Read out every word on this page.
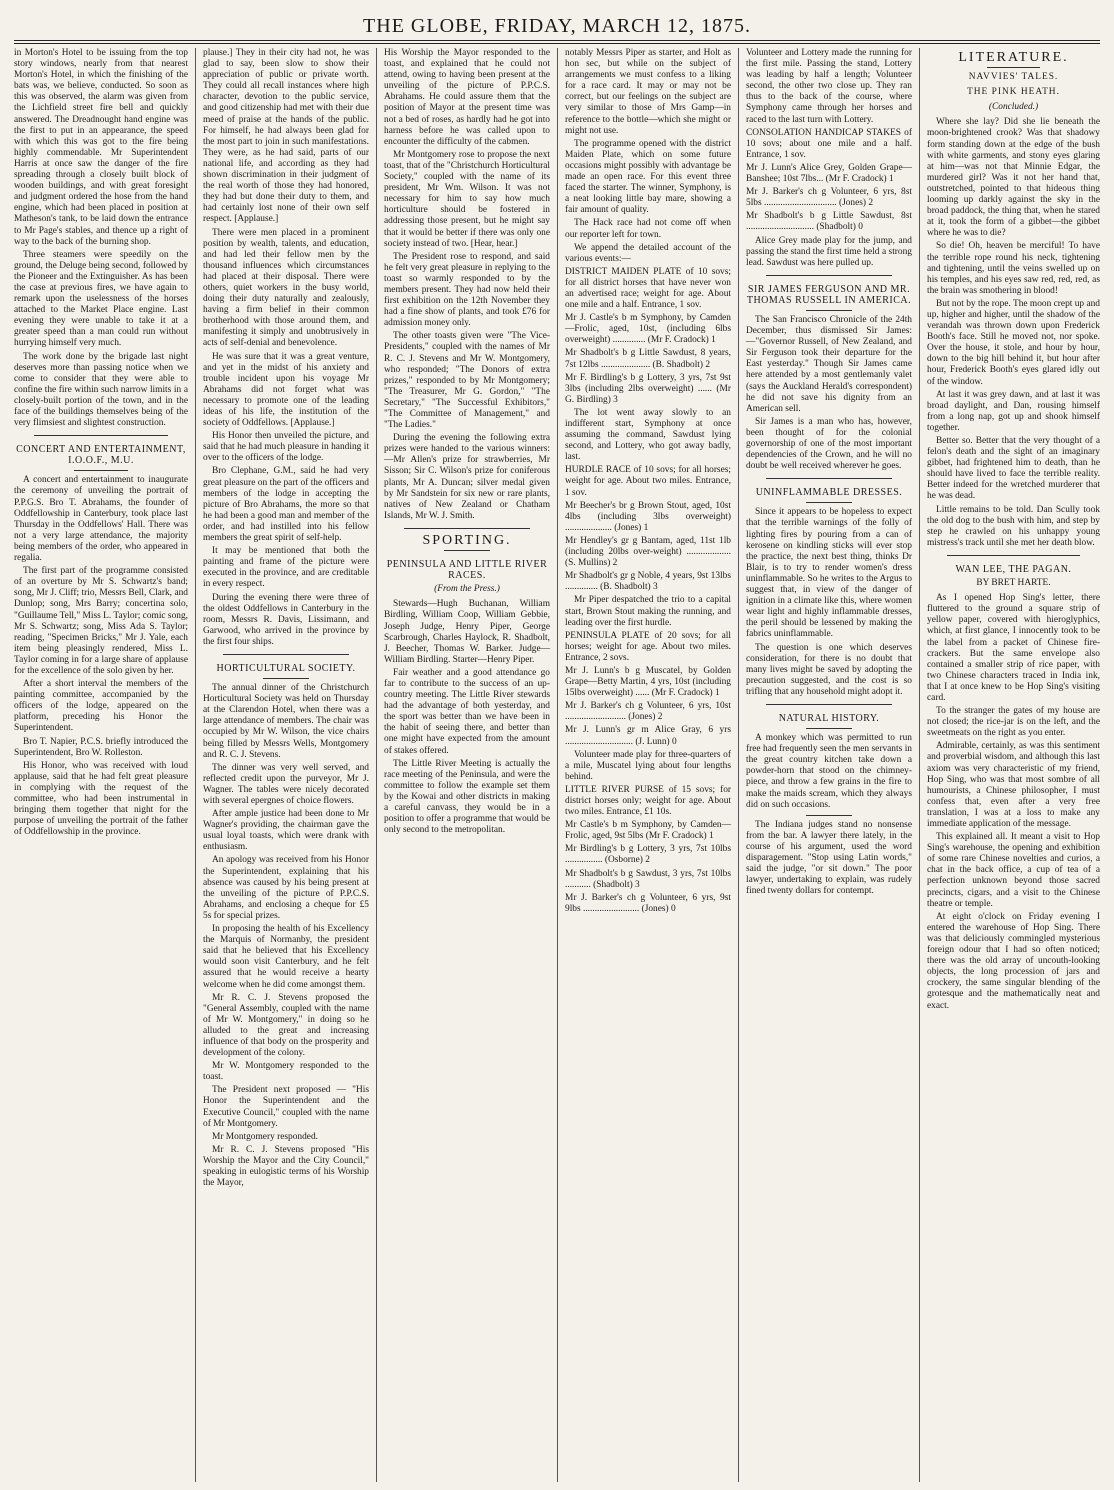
THE GLOBE, FRIDAY, MARCH 12, 1875.

in Morton's Hotel to be issuing from the top story windows, nearly from that nearest Morton's Hotel, in which the finishing of the bats was, we believe, conducted. So soon as this was observed, the alarm was given from the Lichfield street fire bell and quickly answered. The Dreadnought hand engine was the first to put in an appearance, the speed with which this was got to the fire being highly commendable. Mr Superintendent Harris at once saw the danger of the fire spreading through a closely built block of wooden buildings, and with great foresight and judgment ordered the hose from the hand engine, which had been placed in position at Matheson's tank, to be laid down the entrance to Mr Page's stables, and thence up a right of way to the back of the burning shop.

Three steamers were speedily on the ground, the Deluge being second, followed by the Pioneer and the Extinguisher. As has been the case at previous fires, we have again to remark upon the uselessness of the horses attached to the Market Place engine. Last evening they were unable to take it at a greater speed than a man could run without hurrying himself very much.

The work done by the brigade last night deserves more than passing notice when we come to consider that they were able to confine the fire within such narrow limits in a closely-built portion of the town, and in the face of the buildings themselves being of the very flimsiest and slightest construction.

CONCERT AND ENTERTAINMENT, I.O.O.F., M.U.

A concert and entertainment to inaugurate the ceremony of unveiling the portrait of P.P.G.S. Bro T. Abrahams, the founder of Oddfellowship in Canterbury, took place last Thursday in the Oddfellows' Hall. There was not a very large attendance, the majority being members of the order, who appeared in regalia.

The first part of the programme consisted of an overture by Mr S. Schwartz's band; song, Mr J. Cliff; trio, Messrs Bell, Clark, and Dunlop; song, Mrs Barry; concertina solo, "Guillaume Tell," Miss L. Taylor; comic song, Mr S. Schwartz; song, Miss Ada S. Taylor; reading, "Specimen Bricks," Mr J. Yale, each item being pleasingly rendered, Miss L. Taylor coming in for a large share of applause for the excellence of the solo given by her.

After a short interval the members of the painting committee, accompanied by the officers of the lodge, appeared on the platform, preceding his Honor the Superintendent.

Bro T. Napier, P.C.S. briefly introduced the Superintendent, Bro W. Rolleston.

His Honor, who was received with loud applause, said that he had felt great pleasure in complying with the request of the committee, who had been instrumental in bringing them together that night for the purpose of unveiling the portrait of the father of Oddfellowship in the province.

plause.] They in their city had not, he was glad to say, been slow to show their appreciation of public or private worth. They could all recall instances where high character, devotion to the public service, and good citizenship had met with their due meed of praise at the hands of the public. For himself, he had always been glad for the most part to join in such manifestations. They were, as he had said, parts of our national life, and according as they had shown discrimination in their judgment of the real worth of those they had honored, they had but done their duty to them, and had certainly lost none of their own self respect. [Applause.]

There were men placed in a prominent position by wealth, talents, and education, and had led their fellow men by the thousand influences which circumstances had placed at their disposal. There were others, quiet workers in the busy world, doing their duty naturally and zealously, having a firm belief in their common brotherhood with those around them, and manifesting it simply and unobtrusively in acts of self-denial and benevolence.

He was sure that it was a great venture, and yet in the midst of his anxiety and trouble incident upon his voyage Mr Abrahams did not forget what was necessary to promote one of the leading ideas of his life, the institution of the society of Oddfellows. [Applause.]

His Honor then unveiled the picture, and said that he had much pleasure in handing it over to the officers of the lodge.

Bro Clephane, G.M., said he had very great pleasure on the part of the officers and members of the lodge in accepting the picture of Bro Abrahams, the more so that he had been a good man and member of the order, and had instilled into his fellow members the great spirit of self-help.

It may be mentioned that both the painting and frame of the picture were executed in the province, and are creditable in every respect.

During the evening there were three of the oldest Oddfellows in Canterbury in the room, Messrs R. Davis, Lissimann, and Garwood, who arrived in the province by the first four ships.

HORTICULTURAL SOCIETY.

The annual dinner of the Christchurch Horticultural Society was held on Thursday at the Clarendon Hotel, when there was a large attendance of members. The chair was occupied by Mr W. Wilson, the vice chairs being filled by Messrs Wells, Montgomery and R. C. J. Stevens.

The dinner was very well served, and reflected credit upon the purveyor, Mr J. Wagner. The tables were nicely decorated with several epergnes of choice flowers.

After ample justice had been done to Mr Wagner's providing, the chairman gave the usual loyal toasts, which were drank with enthusiasm.

An apology was received from his Honor the Superintendent, explaining that his absence was caused by his being present at the unveiling of the picture of P.P.C.S. Abrahams, and enclosing a cheque for £5 5s for special prizes.

In proposing the health of his Excellency the Marquis of Normanby, the president said that he believed that his Excellency would soon visit Canterbury, and he felt assured that he would receive a hearty welcome when he did come amongst them.

Mr R. C. J. Stevens proposed the "General Assembly, coupled with the name of Mr W. Montgomery," in doing so he alluded to the great and increasing influence of that body on the prosperity and development of the colony.

Mr W. Montgomery responded to the toast.

The President next proposed — "His Honor the Superintendent and the Executive Council," coupled with the name of Mr Montgomery.

Mr Montgomery responded.

Mr R. C. J. Stevens proposed "His Worship the Mayor and the City Council," speaking in eulogistic terms of his Worship the Mayor,

His Worship the Mayor responded to the toast, and explained that he could not attend, owing to having been present at the unveiling of the picture of P.P.C.S. Abrahams. He could assure them that the position of Mayor at the present time was not a bed of roses, as hardly had he got into harness before he was called upon to encounter the difficulty of the cabmen.

Mr Montgomery rose to propose the next toast, that of the "Christchurch Horticultural Society," coupled with the name of its president, Mr Wm. Wilson. It was not necessary for him to say how much horticulture should be fostered in addressing those present, but he might say that it would be better if there was only one society instead of two. [Hear, hear.]

The President rose to respond, and said he felt very great pleasure in replying to the toast so warmly responded to by the members present. They had now held their first exhibition on the 12th November they had a fine show of plants, and took £76 for admission money only.

The other toasts given were "The Vice-Presidents," coupled with the names of Mr R. C. J. Stevens and Mr W. Montgomery, who responded; "The Donors of extra prizes," responded to by Mr Montgomery; "The Treasurer, Mr G. Gordon," "The Secretary," "The Successful Exhibitors," "The Committee of Management," and "The Ladies."

During the evening the following extra prizes were handed to the various winners:—Mr Allen's prize for strawberries, Mr Sisson; Sir C. Wilson's prize for coniferous plants, Mr A. Duncan; silver medal given by Mr Sandstein for six new or rare plants, natives of New Zealand or Chatham Islands, Mr W. J. Smith.

SPORTING.
PENINSULA AND LITTLE RIVER RACES.
(From the Press.)

Stewards—Hugh Buchanan, William Birdling, William Coop, William Gebbie, Joseph Judge, Henry Piper, George Scarbrough, Charles Haylock, R. Shadbolt, J. Beecher, Thomas W. Barker. Judge—William Birdling. Starter—Henry Piper.

Fair weather and a good attendance go far to contribute to the success of an up-country meeting. The Little River stewards had the advantage of both yesterday, and the sport was better than we have been in the habit of seeing there, and better than one might have expected from the amount of stakes offered.

The Little River Meeting is actually the race meeting of the Peninsula, and were the committee to follow the example set them by the Kowai and other districts in making a careful canvass, they would be in a position to offer a programme that would be only second to the metropolitan.

notably Messrs Piper as starter, and Holt as hon sec, but while on the subject of arrangements we must confess to a liking for a race card. It may or may not be correct, but our feelings on the subject are very similar to those of Mrs Gamp—in reference to the bottle—which she might or might not use.

The programme opened with the district Maiden Plate, which on some future occasions might possibly with advantage be made an open race. For this event three faced the starter. The winner, Symphony, is a neat looking little bay mare, showing a fair amount of quality.

The Hack race had not come off when our reporter left for town.

We append the detailed account of the various events:—

DISTRICT MAIDEN PLATE of 10 sovs; for all district horses that have never won an advertised race; weight for age. About one mile and a half. Entrance, 1 sov.

Mr J. Castle's b m Symphony, by Camden—Frolic, aged, 10st, (including 6lbs overweight) .............. (Mr F. Cradock) 1

Mr Shadbolt's b g Little Sawdust, 8 years, 7st 12lbs ..................... (B. Shadbolt) 2

Mr F. Birdling's b g Lottery, 3 yrs, 7st 9st 3lbs (including 2lbs overweight) ...... (Mr G. Birdling) 3

The lot went away slowly to an indifferent start, Symphony at once assuming the command, Sawdust lying second, and Lottery, who got away badly, last.

HURDLE RACE of 10 sovs; for all horses; weight for age. About two miles. Entrance, 1 sov.

Mr Beecher's br g Brown Stout, aged, 10st 4lbs (including 3lbs overweight) .................... (Jones) 1

Mr Hendley's gr g Bantam, aged, 11st 1lb (including 20lbs over-weight) ................... (S. Mullins) 2

Mr Shadbolt's gr g Noble, 4 years, 9st 13lbs .............. (B. Shadbolt) 3

Mr Piper despatched the trio to a capital start, Brown Stout making the running, and leading over the first hurdle.

PENINSULA PLATE of 20 sovs; for all horses; weight for age. About two miles. Entrance, 2 sovs.

Mr J. Lunn's b g Muscatel, by Golden Grape—Betty Martin, 4 yrs, 10st (including 15lbs overweight) ...... (Mr F. Cradock) 1

Mr J. Barker's ch g Volunteer, 6 yrs, 10st .......................... (Jones) 2

Mr J. Lunn's gr m Alice Gray, 6 yrs ............................. (J. Lunn) 0

Volunteer made play for three-quarters of a mile, Muscatel lying about four lengths behind.

LITTLE RIVER PURSE of 15 sovs; for district horses only; weight for age. About two miles. Entrance, £1 10s.

Mr Castle's b m Symphony, by Camden—Frolic, aged, 9st 5lbs (Mr F. Cradock) 1

Mr Birdling's b g Lottery, 3 yrs, 7st 10lbs ................ (Osborne) 2

Mr Shadbolt's b g Sawdust, 3 yrs, 7st 10lbs ........... (Shadbolt) 3

Mr J. Barker's ch g Volunteer, 6 yrs, 9st 9lbs ........................ (Jones) 0

Volunteer and Lottery made the running for the first mile. Passing the stand, Lottery was leading by half a length; Volunteer second, the other two close up. They ran thus to the back of the course, where Symphony came through her horses and raced to the last turn with Lottery.

CONSOLATION HANDICAP STAKES of 10 sovs; about one mile and a half. Entrance, 1 sov.

Mr J. Lunn's Alice Grey, Golden Grape—Banshee; 10st 7lbs... (Mr F. Cradock) 1

Mr J. Barker's ch g Volunteer, 6 yrs, 8st 5lbs ............................... (Jones) 2

Mr Shadbolt's b g Little Sawdust, 8st ............................. (Shadbolt) 0

Alice Grey made play for the jump, and passing the stand the first time held a strong lead. Sawdust was here pulled up.

SIR JAMES FERGUSON AND MR. THOMAS RUSSELL IN AMERICA.

The San Francisco Chronicle of the 24th December, thus dismissed Sir James:—"Governor Russell, of New Zealand, and Sir Ferguson took their departure for the East yesterday." Though Sir James came here attended by a most gentlemanly valet (says the Auckland Herald's correspondent) he did not save his dignity from an American sell.

Sir James is a man who has, however, been thought of for the colonial governorship of one of the most important dependencies of the Crown, and he will no doubt be well received wherever he goes.

UNINFLAMMABLE DRESSES.

Since it appears to be hopeless to expect that the terrible warnings of the folly of lighting fires by pouring from a can of kerosene on kindling sticks will ever stop the practice, the next best thing, thinks Dr Blair, is to try to render women's dress uninflammable. So he writes to the Argus to suggest that, in view of the danger of ignition in a climate like this, where women wear light and highly inflammable dresses, the peril should be lessened by making the fabrics uninflammable.

The question is one which deserves consideration, for there is no doubt that many lives might be saved by adopting the precaution suggested, and the cost is so trifling that any household might adopt it.

NATURAL HISTORY.

A monkey which was permitted to run free had frequently seen the men servants in the great country kitchen take down a powder-horn that stood on the chimney-piece, and throw a few grains in the fire to make the maids scream, which they always did on such occasions.

The Indiana judges stand no nonsense from the bar. A lawyer there lately, in the course of his argument, used the word disparagement. "Stop using Latin words," said the judge, "or sit down." The poor lawyer, undertaking to explain, was rudely fined twenty dollars for contempt.

LITERATURE.
NAVVIES' TALES.
THE PINK HEATH.
(Concluded.)

Where she lay? Did she lie beneath the moon-brightened crook? Was that shadowy form standing down at the edge of the bush with white garments, and stony eyes glaring at him—was not that Minnie Edgar, the murdered girl? Was it not her hand that, outstretched, pointed to that hideous thing looming up darkly against the sky in the broad paddock, the thing that, when he stared at it, took the form of a gibbet—the gibbet where he was to die?

So die! Oh, heaven be merciful! To have the terrible rope round his neck, tightening and tightening, until the veins swelled up on his temples, and his eyes saw red, red, red, as the brain was smothering in blood!

But not by the rope. The moon crept up and up, higher and higher, until the shadow of the verandah was thrown down upon Frederick Booth's face. Still he moved not, nor spoke. Over the house, it stole, and hour by hour, down to the big hill behind it, but hour after hour, Frederick Booth's eyes glared idly out of the window.

At last it was grey dawn, and at last it was broad daylight, and Dan, rousing himself from a long nap, got up and shook himself together.

Better so. Better that the very thought of a felon's death and the sight of an imaginary gibbet, had frightened him to death, than he should have lived to face the terrible reality. Better indeed for the wretched murderer that he was dead.

Little remains to be told. Dan Scully took the old dog to the bush with him, and step by step he crawled on his unhappy young mistress's track until she met her death blow.

WAN LEE, THE PAGAN.
BY BRET HARTE.

As I opened Hop Sing's letter, there fluttered to the ground a square strip of yellow paper, covered with hieroglyphics, which, at first glance, I innocently took to be the label from a packet of Chinese fire-crackers. But the same envelope also contained a smaller strip of rice paper, with two Chinese characters traced in India ink, that I at once knew to be Hop Sing's visiting card.

To the stranger the gates of my house are not closed; the rice-jar is on the left, and the sweetmeats on the right as you enter.

Admirable, certainly, as was this sentiment and proverbial wisdom, and although this last axiom was very characteristic of my friend, Hop Sing, who was that most sombre of all humourists, a Chinese philosopher, I must confess that, even after a very free translation, I was at a loss to make any immediate application of the message.

This explained all. It meant a visit to Hop Sing's warehouse, the opening and exhibition of some rare Chinese novelties and curios, a chat in the back office, a cup of tea of a perfection unknown beyond those sacred precincts, cigars, and a visit to the Chinese theatre or temple.

At eight o'clock on Friday evening I entered the warehouse of Hop Sing. There was that deliciously commingled mysterious foreign odour that I had so often noticed; there was the old array of uncouth-looking objects, the long procession of jars and crockery, the same singular blending of the grotesque and the mathematically neat and exact.
